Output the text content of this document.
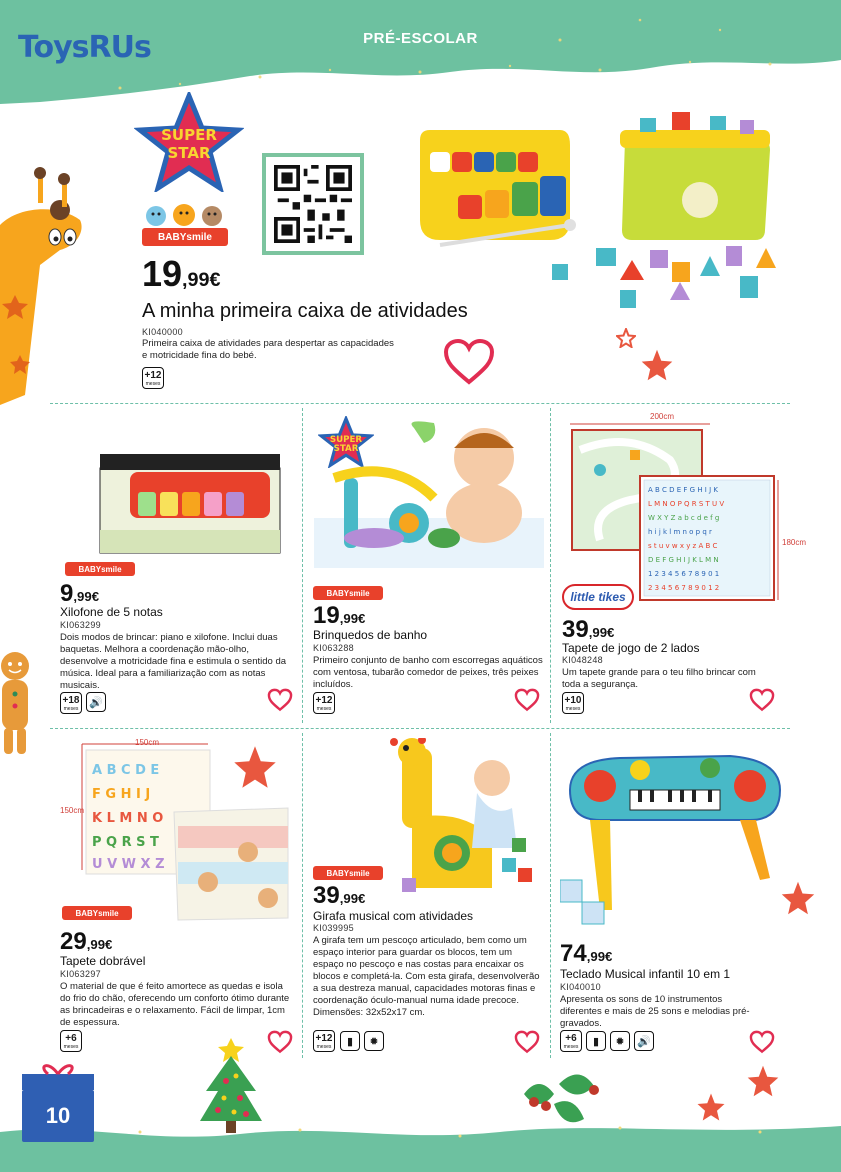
ToysRUs	PRÉ-ESCOLAR
SUPER
STAR
BABYsmile
19,99€
A minha primeira caixa de atividades
KI040000
Primeira caixa de atividades para despertar as capacidades
e motricidade fina do bebé.
+12
meses
BABYsmile
9,99€
Xilofone de 5 notas
KI063299
Dois modos de brincar: piano e xilofone. Inclui duas baquetas. Melhora a coordenação mão-olho, desenvolve a motricidade fina e estimula o sentido da música. Ideal para a familiarização com as notas musicais.
+18
meses
🔊
SUPER
STAR
BABYsmile
19,99€
Brinquedos de banho
KI063288
Primeiro conjunto de banho com escorregas aquáticos com ventosa, tubarão comedor de peixes, três peixes incluídos.
+12
meses
200cm
180cm
A B C D E F G H I J K
L M N O P Q R S T U V
W X Y Z a b c d e f g
h i j k l m n o p q r
s t u v w x y z A B C
D E F G H I J K L M N
1 2 3 4 5 6 7 8 9 0 1
2 3 4 5 6 7 8 9 0 1 2
little tikes
39,99€
Tapete de jogo de 2 lados
KI048248
Um tapete grande para o teu filho brincar com toda a segurança.
+10
meses
150cm
150cm
A B C D E
F G H I J
K L M N O
P Q R S T
U V W X Z
BABYsmile
29,99€
Tapete dobrável
KI063297
O material de que é feito amortece as quedas e isola do frio do chão, oferecendo um conforto ótimo durante as brincadeiras e o relaxamento. Fácil de limpar, 1cm de espessura.
+6
meses
BABYsmile
39,99€
Girafa musical com atividades
KI039995
A girafa tem um pescoço articulado, bem como um espaço interior para guardar os blocos, tem um espaço no pescoço e nas costas para encaixar os blocos e completá-la. Com esta girafa, desenvolverão a sua destreza manual, capacidades motoras finas e coordenação óculo-manual numa idade precoce. Dimensões: 32x52x17 cm.
+12
meses	▮	✹
74,99€
Teclado Musical infantil 10 em 1
KI040010
Apresenta os sons de 10 instrumentos diferentes e mais de 25 sons e melodias pré-gravados.
+6
meses	▮	✹	🔊
10
